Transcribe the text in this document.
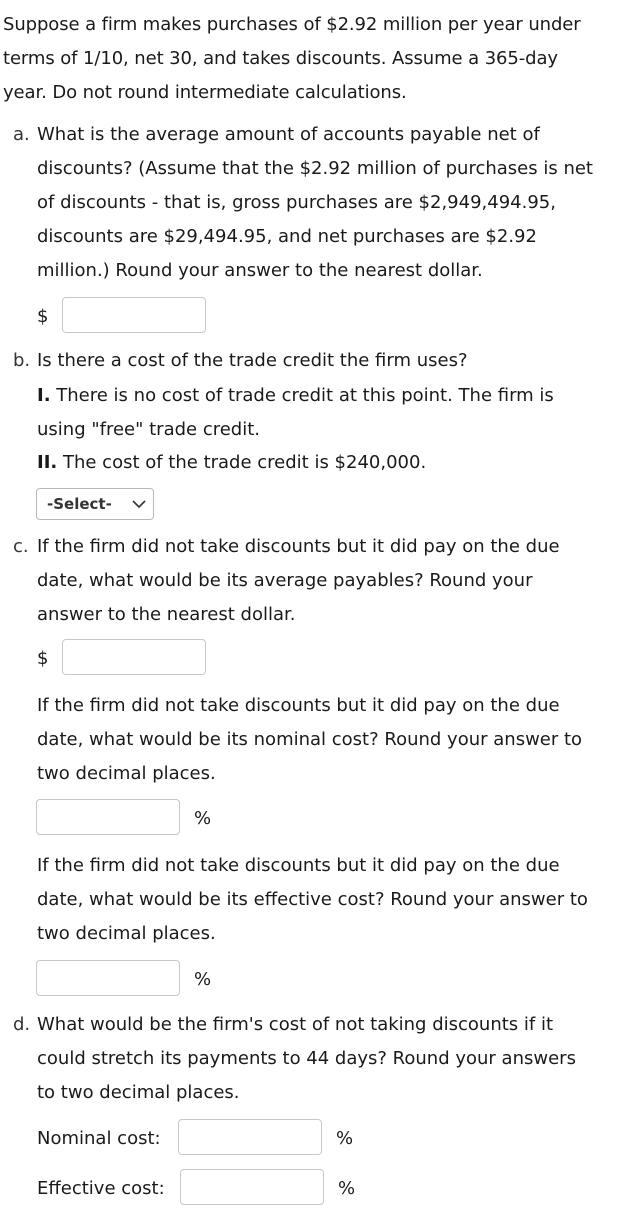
Suppose a firm makes purchases of $2.92 million per year under
terms of 1/10, net 30, and takes discounts. Assume a 365-day
year. Do not round intermediate calculations.
a. What is the average amount of accounts payable net of
discounts? (Assume that the $2.92 million of purchases is net
of discounts - that is, gross purchases are $2,949,494.95,
discounts are $29,494.95, and net purchases are $2.92
million.) Round your answer to the nearest dollar.
$
b. Is there a cost of the trade credit the firm uses?
I. There is no cost of trade credit at this point. The firm is
using "free" trade credit.
II. The cost of the trade credit is $240,000.
-Select-
c. If the firm did not take discounts but it did pay on the due
date, what would be its average payables? Round your
answer to the nearest dollar.
$
If the firm did not take discounts but it did pay on the due
date, what would be its nominal cost? Round your answer to
two decimal places.
%
If the firm did not take discounts but it did pay on the due
date, what would be its effective cost? Round your answer to
two decimal places.
%
d. What would be the firm's cost of not taking discounts if it
could stretch its payments to 44 days? Round your answers
to two decimal places.
Nominal cost:	%
Effective cost:	%
